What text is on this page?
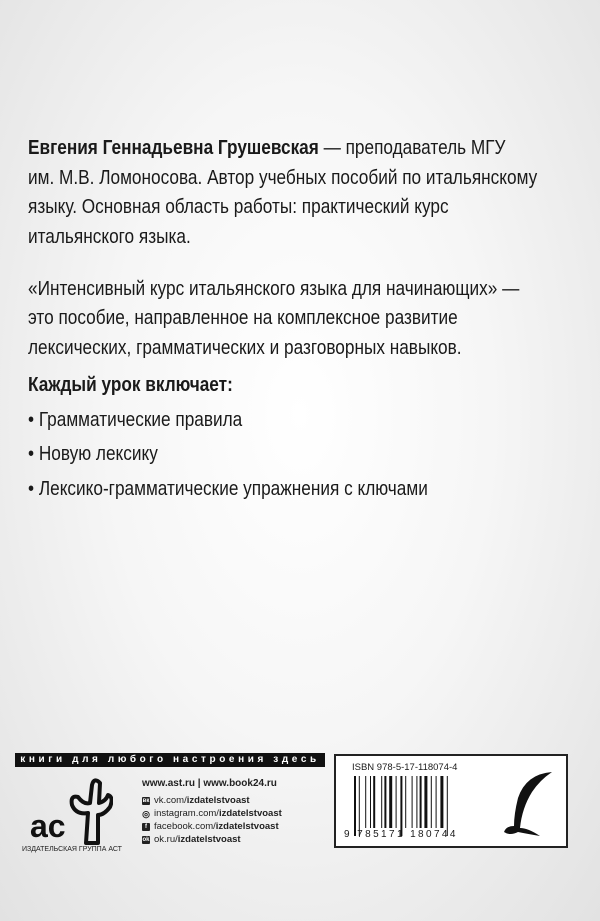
Евгения Геннадьевна Грушевская — преподаватель МГУ
им. М.В. Ломоносова. Автор учебных пособий по итальянскому
языку. Основная область работы: практический курс
итальянского языка.
«Интенсивный курс итальянского языка для начинающих» —
это пособие, направленное на комплексное развитие
лексических, грамматических и разговорных навыков.
Каждый урок включает:
• Грамматические правила
• Новую лексику
• Лексико-грамматические упражнения с ключами
книги для любого настроения здесь
ac
ИЗДАТЕЛЬСКАЯ ГРУППА АСТ
www.ast.ru | www.book24.ru
вк vk.com/ izdatelstvoast
◎ instagram.com/ izdatelstvoast
f facebook.com/ izdatelstvoast
ok ok.ru/ izdatelstvoast
ISBN 978-5-17-118074-4
9 785171 180744
